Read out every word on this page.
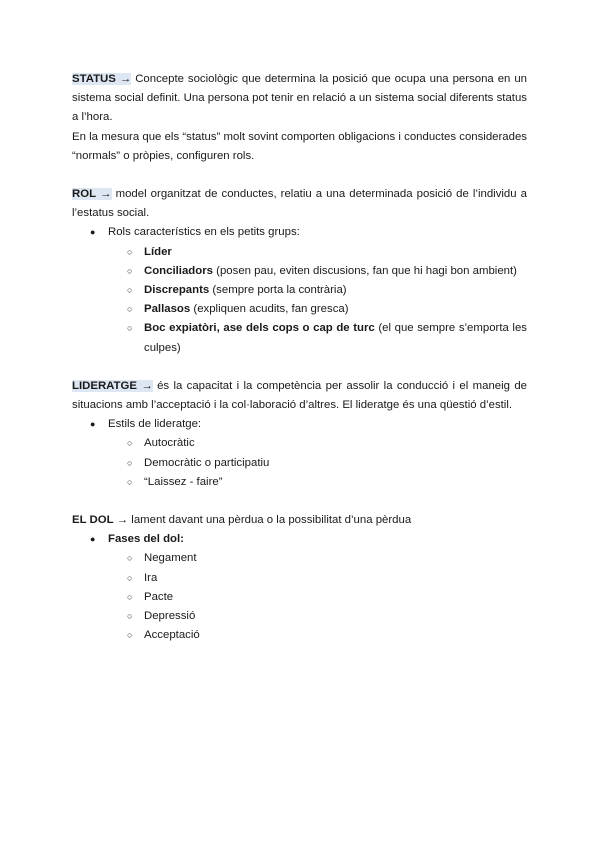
STATUS → Concepte sociològic que determina la posició que ocupa una persona en un sistema social definit. Una persona pot tenir en relació a un sistema social diferents status a l’hora.

En la mesura que els “status” molt sovint comporten obligacions i conductes considerades “normals” o pròpies, configuren rols.

ROL → model organitzat de conductes, relatiu a una determinada posició de l’individu a l’estatus social.

● Rols característics en els petits grups:
○ Líder
○ Conciliadors (posen pau, eviten discusions, fan que hi hagi bon ambient)
○ Discrepants (sempre porta la contrària)
○ Pallasos (expliquen acudits, fan gresca)
○ Boc expiatòri, ase dels cops o cap de turc (el que sempre s’emporta les culpes)

LIDERATGE → és la capacitat i la competència per assolir la conducció i el maneig de situacions amb l’acceptació i la col·laboració d’altres. El lideratge és una qüestió d’estil.

● Estils de lideratge:
○ Autocràtic
○ Democràtic o participatiu
○ “Laissez - faire”

EL DOL → lament davant una pèrdua o la possibilitat d’una pèrdua

● Fases del dol:
○ Negament
○ Ira
○ Pacte
○ Depressió
○ Acceptació
